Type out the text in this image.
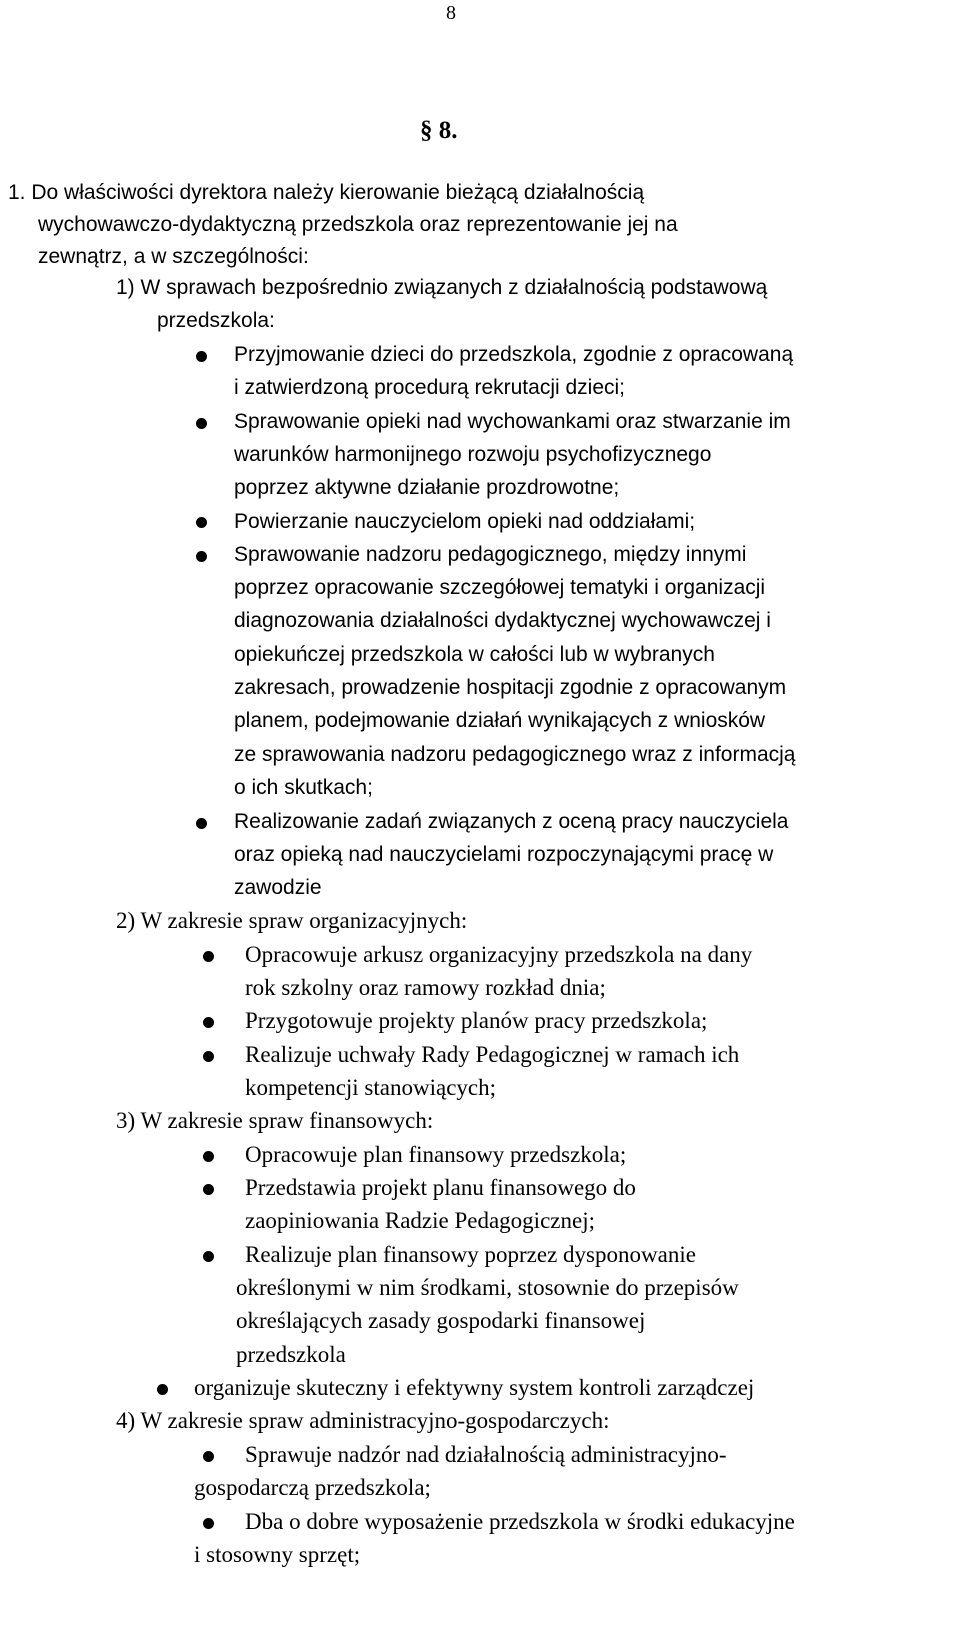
8
§ 8.
1. Do właściwości dyrektora należy kierowanie bieżącą działalnością
wychowawczo-dydaktyczną przedszkola oraz reprezentowanie jej na
zewnątrz, a w szczególności:
1) W sprawach bezpośrednio związanych z działalnością podstawową
przedszkola:
Przyjmowanie dzieci do przedszkola, zgodnie z opracowaną
i zatwierdzoną procedurą rekrutacji dzieci;
Sprawowanie opieki nad wychowankami oraz stwarzanie im
warunków harmonijnego rozwoju psychofizycznego
poprzez aktywne działanie prozdrowotne;
Powierzanie nauczycielom opieki nad oddziałami;
Sprawowanie nadzoru pedagogicznego, między innymi
poprzez opracowanie szczegółowej tematyki i organizacji
diagnozowania działalności dydaktycznej wychowawczej i
opiekuńczej przedszkola w całości lub w wybranych
zakresach, prowadzenie hospitacji zgodnie z opracowanym
planem, podejmowanie działań wynikających z wniosków
ze sprawowania nadzoru pedagogicznego wraz z informacją
o ich skutkach;
Realizowanie zadań związanych z oceną pracy nauczyciela
oraz opieką nad nauczycielami rozpoczynającymi pracę w
zawodzie
2) W zakresie spraw organizacyjnych:
Opracowuje arkusz organizacyjny przedszkola na dany
rok szkolny oraz ramowy rozkład dnia;
Przygotowuje projekty planów pracy przedszkola;
Realizuje uchwały Rady Pedagogicznej w ramach ich
kompetencji stanowiących;
3) W zakresie spraw finansowych:
Opracowuje plan finansowy przedszkola;
Przedstawia projekt planu finansowego do
zaopiniowania Radzie Pedagogicznej;
Realizuje plan finansowy poprzez dysponowanie
określonymi w nim środkami, stosownie do przepisów
określających zasady gospodarki finansowej
przedszkola
organizuje skuteczny i efektywny system kontroli zarządczej
4) W zakresie spraw administracyjno-gospodarczych:
Sprawuje nadzór nad działalnością administracyjno-
gospodarczą przedszkola;
Dba o dobre wyposażenie przedszkola w środki edukacyjne
i stosowny sprzęt;
